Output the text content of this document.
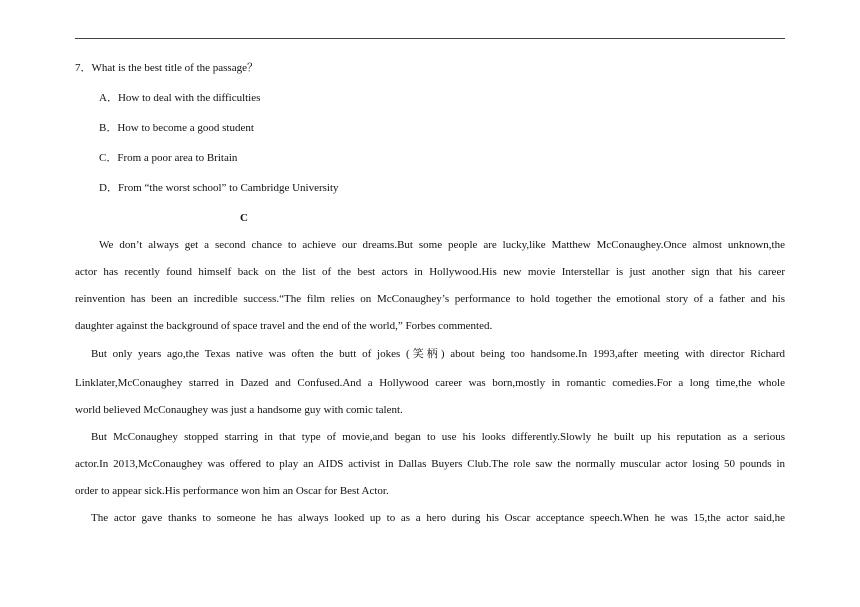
7．What is the best title of the passage？
A．How to deal with the difficulties
B．How to become a good student
C．From a poor area to Britain
D．From “the worst school” to Cambridge University
C
We don’t always get a second chance to achieve our dreams.But some people are lucky,like Matthew McConaughey.Once almost unknown,the
actor has recently found himself back on the list of the best actors in Hollywood.His new movie Interstellar is just another sign that his career
reinvention has been an incredible success.“The film relies on McConaughey’s performance to hold together the emotional story of a father and his
daughter against the background of space travel and the end of the world,” Forbes commented.
But only years ago,the Texas native was often the butt of jokes (笑柄) about being too handsome.In 1993,after meeting with director Richard
Linklater,McConaughey starred in Dazed and Confused.And a Hollywood career was born,mostly in romantic comedies.For a long time,the whole
world believed McConaughey was just a handsome guy with comic talent.
But McConaughey stopped starring in that type of movie,and began to use his looks differently.Slowly he built up his reputation as a serious
actor.In 2013,McConaughey was offered to play an AIDS activist in Dallas Buyers Club.The role saw the normally muscular actor losing 50 pounds in
order to appear sick.His performance won him an Oscar for Best Actor.
The actor gave thanks to someone he has always looked up to as a hero during his Oscar acceptance speech.When he was 15,the actor said,he
